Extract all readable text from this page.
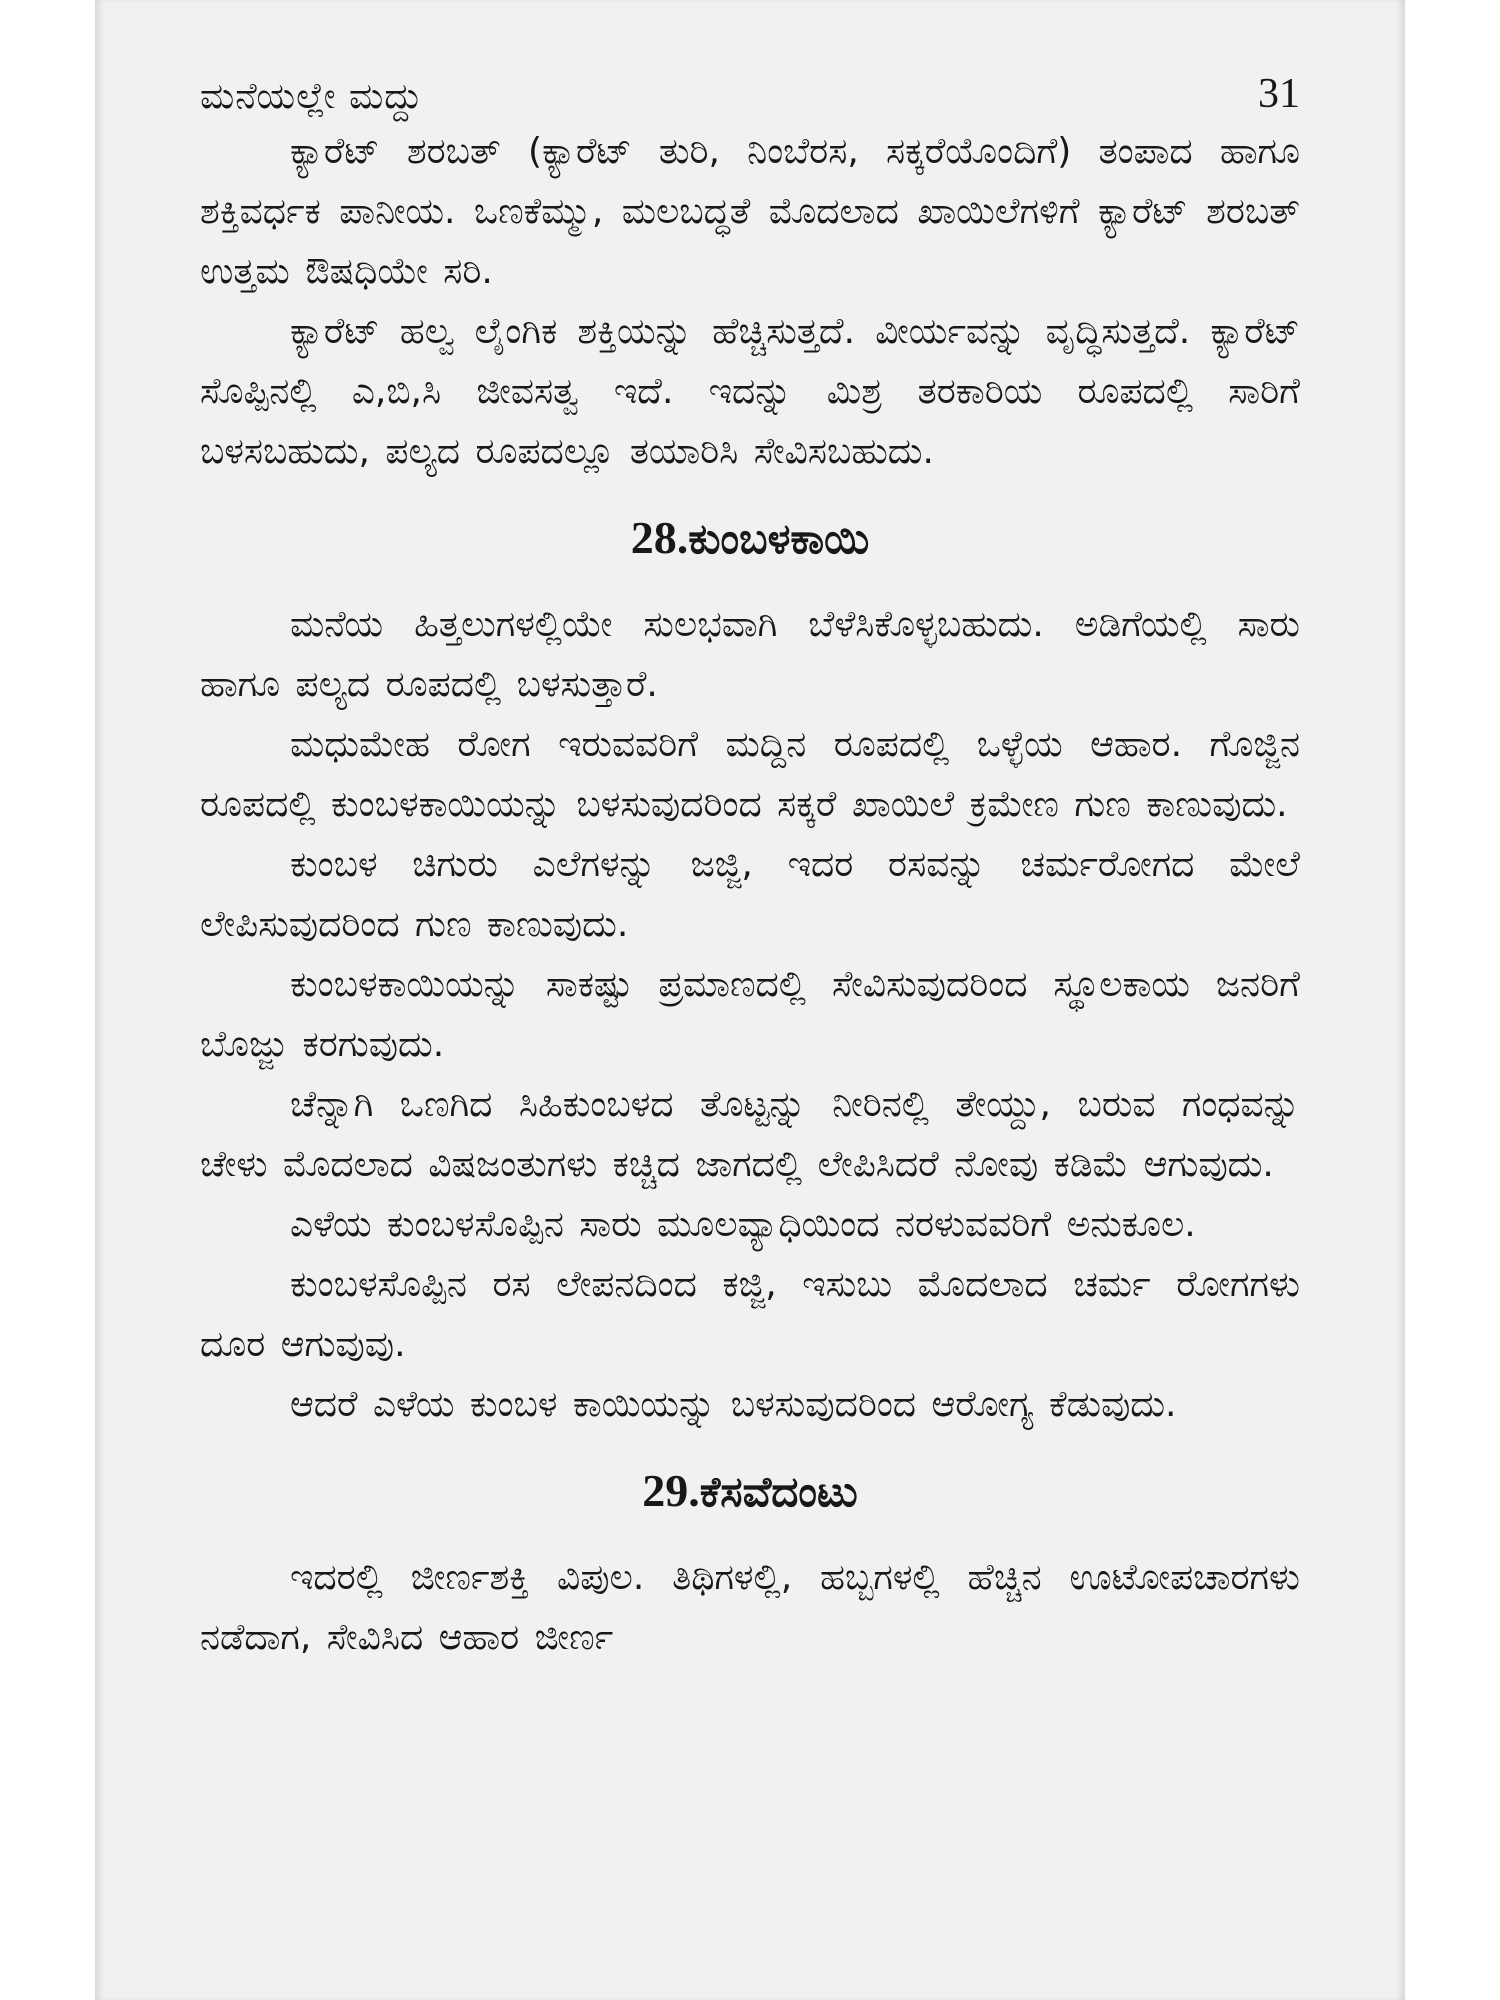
ಮನೆಯಲ್ಲೇ ಮದ್ದು	31

ಕ್ಯಾರೆಟ್ ಶರಬತ್ (ಕ್ಯಾರೆಟ್ ತುರಿ, ನಿಂಬೆರಸ, ಸಕ್ಕರೆಯೊಂದಿಗೆ) ತಂಪಾದ ಹಾಗೂ ಶಕ್ತಿವರ್ಧಕ ಪಾನೀಯ. ಒಣಕೆಮ್ಮು, ಮಲಬದ್ಧತೆ ಮೊದಲಾದ ಖಾಯಿಲೆಗಳಿಗೆ ಕ್ಯಾರೆಟ್ ಶರಬತ್ ಉತ್ತಮ ಔಷಧಿಯೇ ಸರಿ.

ಕ್ಯಾರೆಟ್ ಹಲ್ವ ಲೈಂಗಿಕ ಶಕ್ತಿಯನ್ನು ಹೆಚ್ಚಿಸುತ್ತದೆ. ವೀರ್ಯವನ್ನು ವೃದ್ಧಿಸುತ್ತದೆ. ಕ್ಯಾರೆಟ್ ಸೊಪ್ಪಿನಲ್ಲಿ ಎ,ಬಿ,ಸಿ ಜೀವಸತ್ವ ಇದೆ. ಇದನ್ನು ಮಿಶ್ರ ತರಕಾರಿಯ ರೂಪದಲ್ಲಿ ಸಾರಿಗೆ ಬಳಸಬಹುದು, ಪಲ್ಯದ ರೂಪದಲ್ಲೂ ತಯಾರಿಸಿ ಸೇವಿಸಬಹುದು.

28.ಕುಂಬಳಕಾಯಿ

ಮನೆಯ ಹಿತ್ತಲುಗಳಲ್ಲಿಯೇ ಸುಲಭವಾಗಿ ಬೆಳೆಸಿಕೊಳ್ಳಬಹುದು. ಅಡಿಗೆಯಲ್ಲಿ ಸಾರು ಹಾಗೂ ಪಲ್ಯದ ರೂಪದಲ್ಲಿ ಬಳಸುತ್ತಾರೆ.

ಮಧುಮೇಹ ರೋಗ ಇರುವವರಿಗೆ ಮದ್ದಿನ ರೂಪದಲ್ಲಿ ಒಳ್ಳೆಯ ಆಹಾರ. ಗೊಜ್ಜಿನ ರೂಪದಲ್ಲಿ ಕುಂಬಳಕಾಯಿಯನ್ನು ಬಳಸುವುದರಿಂದ ಸಕ್ಕರೆ ಖಾಯಿಲೆ ಕ್ರಮೇಣ ಗುಣ ಕಾಣುವುದು.

ಕುಂಬಳ ಚಿಗುರು ಎಲೆಗಳನ್ನು ಜಜ್ಜಿ, ಇದರ ರಸವನ್ನು ಚರ್ಮರೋಗದ ಮೇಲೆ ಲೇಪಿಸುವುದರಿಂದ ಗುಣ ಕಾಣುವುದು.

ಕುಂಬಳಕಾಯಿಯನ್ನು ಸಾಕಷ್ಟು ಪ್ರಮಾಣದಲ್ಲಿ ಸೇವಿಸುವುದರಿಂದ ಸ್ಥೂಲಕಾಯ ಜನರಿಗೆ ಬೊಜ್ಜು ಕರಗುವುದು.

ಚೆನ್ನಾಗಿ ಒಣಗಿದ ಸಿಹಿಕುಂಬಳದ ತೊಟ್ಟನ್ನು ನೀರಿನಲ್ಲಿ ತೇಯ್ದು, ಬರುವ ಗಂಧವನ್ನು ಚೇಳು ಮೊದಲಾದ ವಿಷಜಂತುಗಳು ಕಚ್ಚಿದ ಜಾಗದಲ್ಲಿ ಲೇಪಿಸಿದರೆ ನೋವು ಕಡಿಮೆ ಆಗುವುದು.

ಎಳೆಯ ಕುಂಬಳಸೊಪ್ಪಿನ ಸಾರು ಮೂಲವ್ಯಾಧಿಯಿಂದ ನರಳುವವರಿಗೆ ಅನುಕೂಲ.

ಕುಂಬಳಸೊಪ್ಪಿನ ರಸ ಲೇಪನದಿಂದ ಕಜ್ಜಿ, ಇಸುಬು ಮೊದಲಾದ ಚರ್ಮ ರೋಗಗಳು ದೂರ ಆಗುವುವು.

ಆದರೆ ಎಳೆಯ ಕುಂಬಳ ಕಾಯಿಯನ್ನು ಬಳಸುವುದರಿಂದ ಆರೋಗ್ಯ ಕೆಡುವುದು.

29.ಕೆಸವೆದಂಟು

ಇದರಲ್ಲಿ ಜೀರ್ಣಶಕ್ತಿ ವಿಪುಲ. ತಿಥಿಗಳಲ್ಲಿ, ಹಬ್ಬಗಳಲ್ಲಿ ಹೆಚ್ಚಿನ ಊಟೋಪಚಾರಗಳು ನಡೆದಾಗ, ಸೇವಿಸಿದ ಆಹಾರ ಜೀರ್ಣ
